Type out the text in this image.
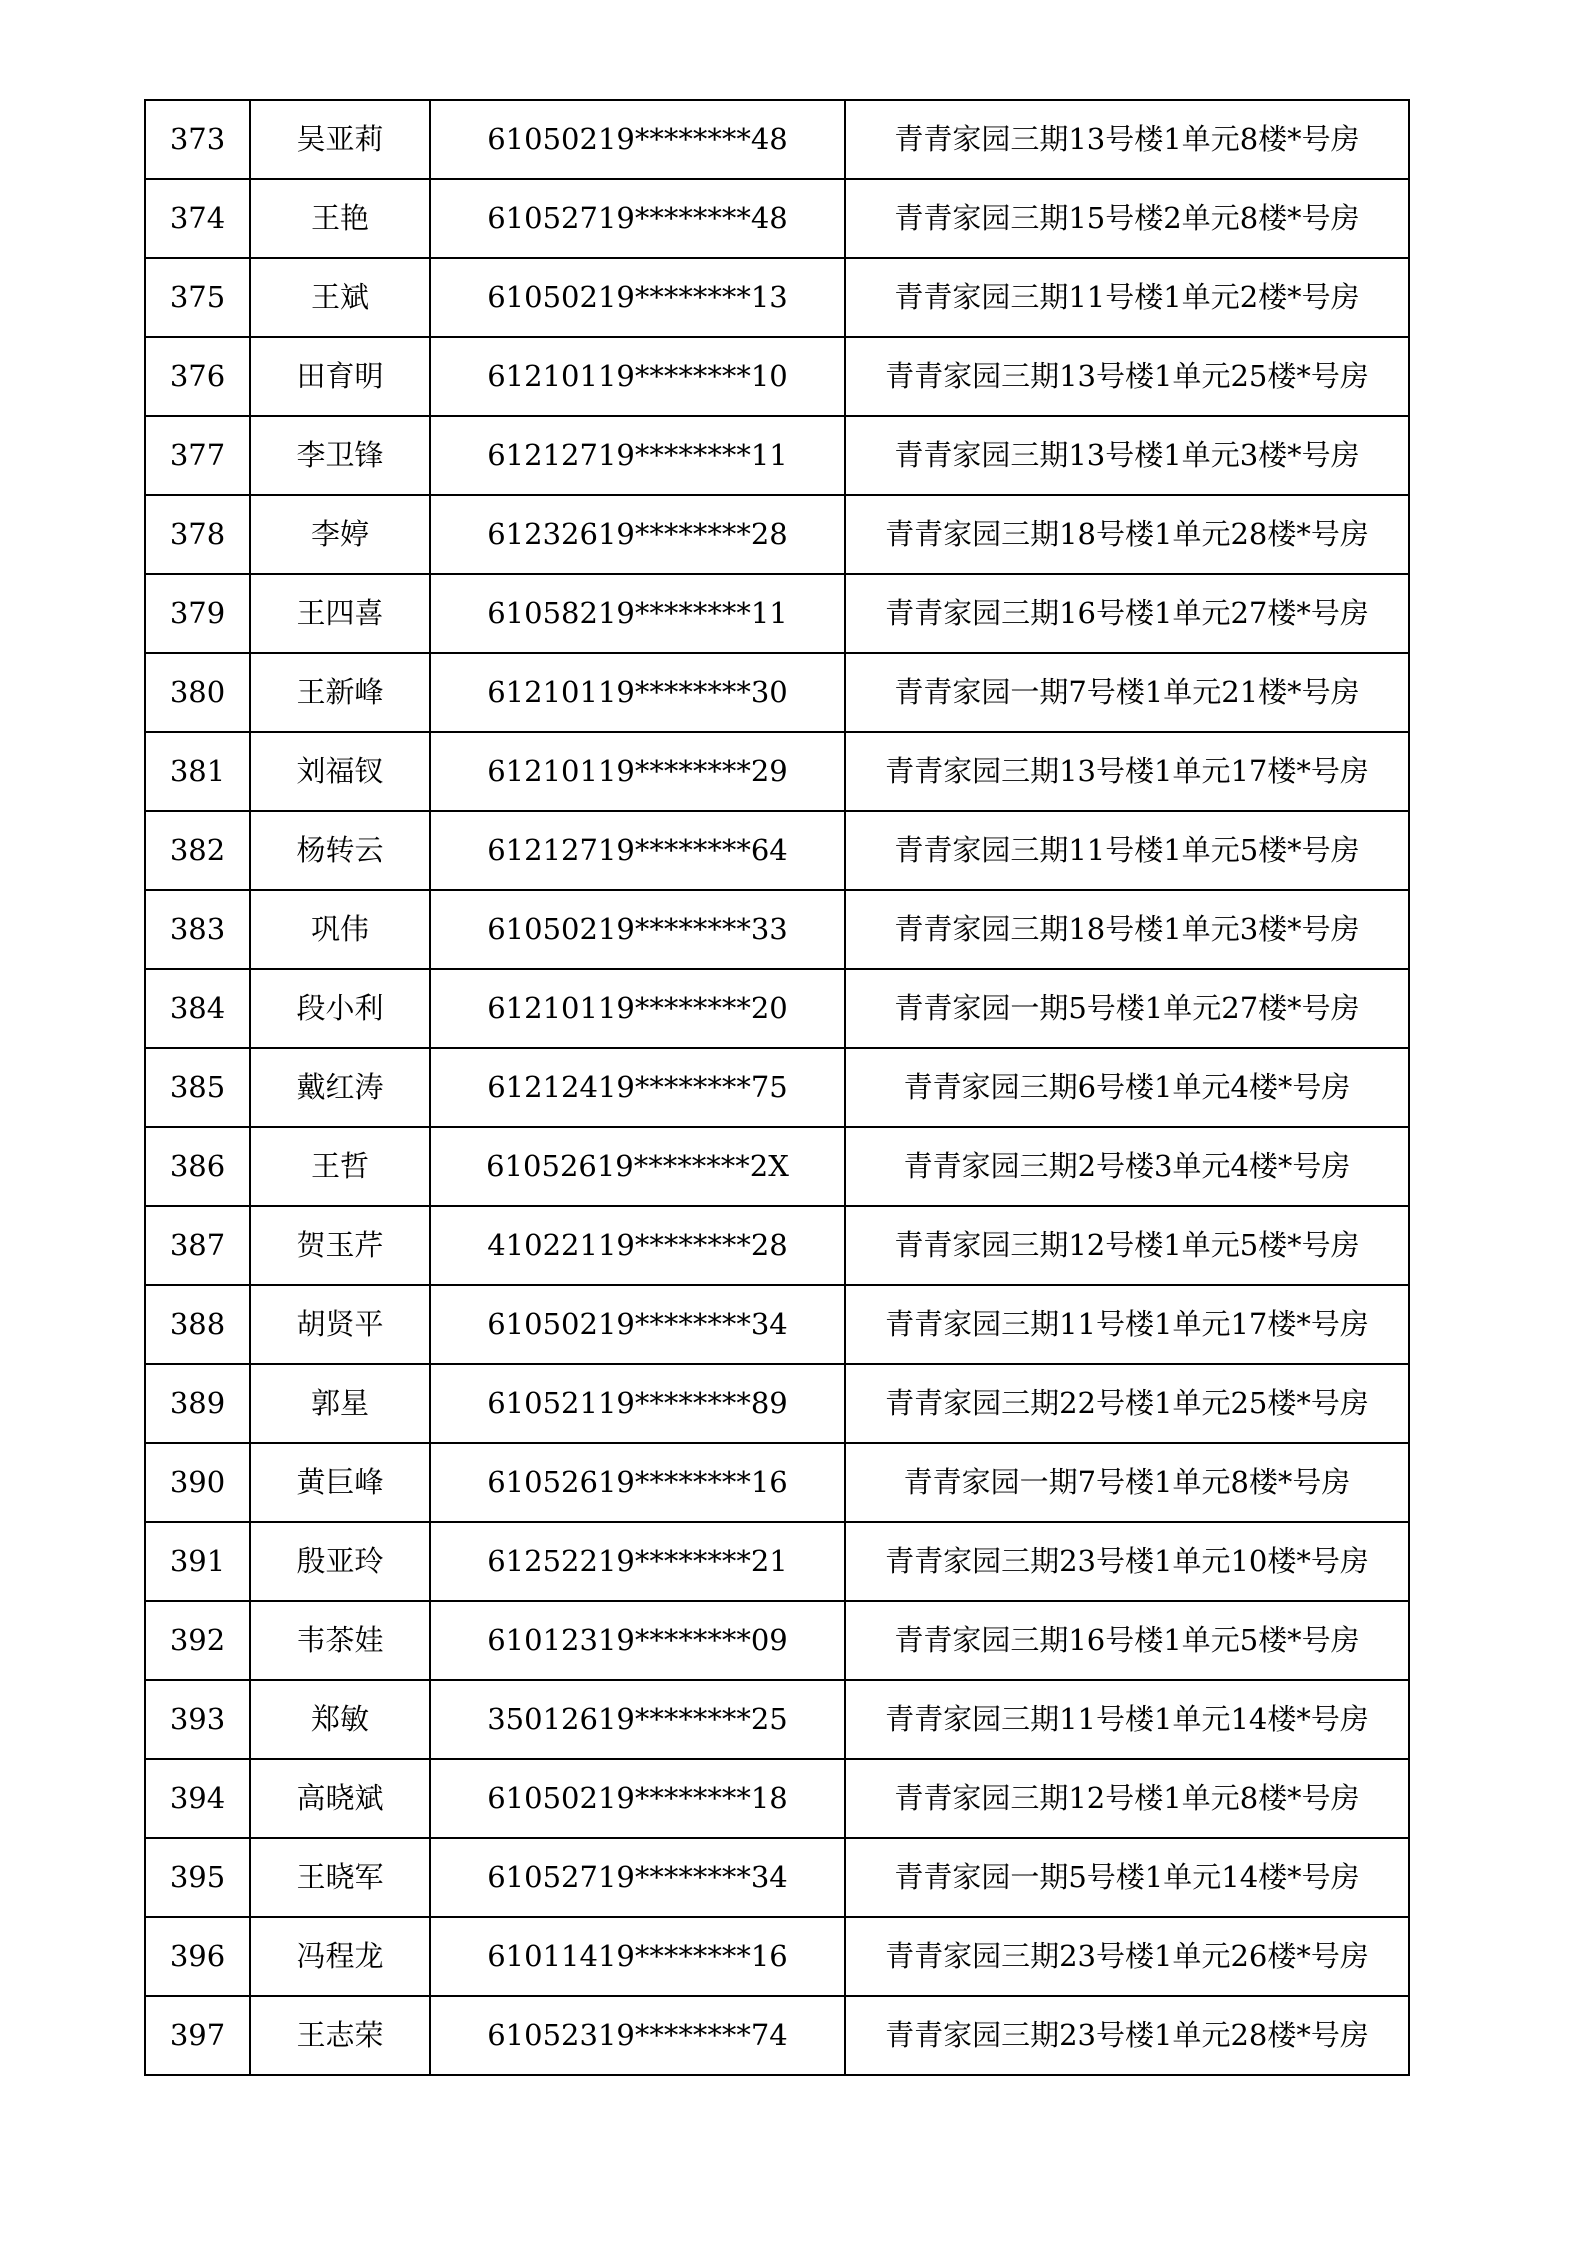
373	吴亚莉	61050219********48	青青家园三期13号楼1单元8楼*号房
374	王艳	61052719********48	青青家园三期15号楼2单元8楼*号房
375	王斌	61050219********13	青青家园三期11号楼1单元2楼*号房
376	田育明	61210119********10	青青家园三期13号楼1单元25楼*号房
377	李卫锋	61212719********11	青青家园三期13号楼1单元3楼*号房
378	李婷	61232619********28	青青家园三期18号楼1单元28楼*号房
379	王四喜	61058219********11	青青家园三期16号楼1单元27楼*号房
380	王新峰	61210119********30	青青家园一期7号楼1单元21楼*号房
381	刘福钗	61210119********29	青青家园三期13号楼1单元17楼*号房
382	杨转云	61212719********64	青青家园三期11号楼1单元5楼*号房
383	巩伟	61050219********33	青青家园三期18号楼1单元3楼*号房
384	段小利	61210119********20	青青家园一期5号楼1单元27楼*号房
385	戴红涛	61212419********75	青青家园三期6号楼1单元4楼*号房
386	王哲	61052619********2X	青青家园三期2号楼3单元4楼*号房
387	贺玉芹	41022119********28	青青家园三期12号楼1单元5楼*号房
388	胡贤平	61050219********34	青青家园三期11号楼1单元17楼*号房
389	郭星	61052119********89	青青家园三期22号楼1单元25楼*号房
390	黄巨峰	61052619********16	青青家园一期7号楼1单元8楼*号房
391	殷亚玲	61252219********21	青青家园三期23号楼1单元10楼*号房
392	韦茶娃	61012319********09	青青家园三期16号楼1单元5楼*号房
393	郑敏	35012619********25	青青家园三期11号楼1单元14楼*号房
394	高晓斌	61050219********18	青青家园三期12号楼1单元8楼*号房
395	王晓军	61052719********34	青青家园一期5号楼1单元14楼*号房
396	冯程龙	61011419********16	青青家园三期23号楼1单元26楼*号房
397	王志荣	61052319********74	青青家园三期23号楼1单元28楼*号房
